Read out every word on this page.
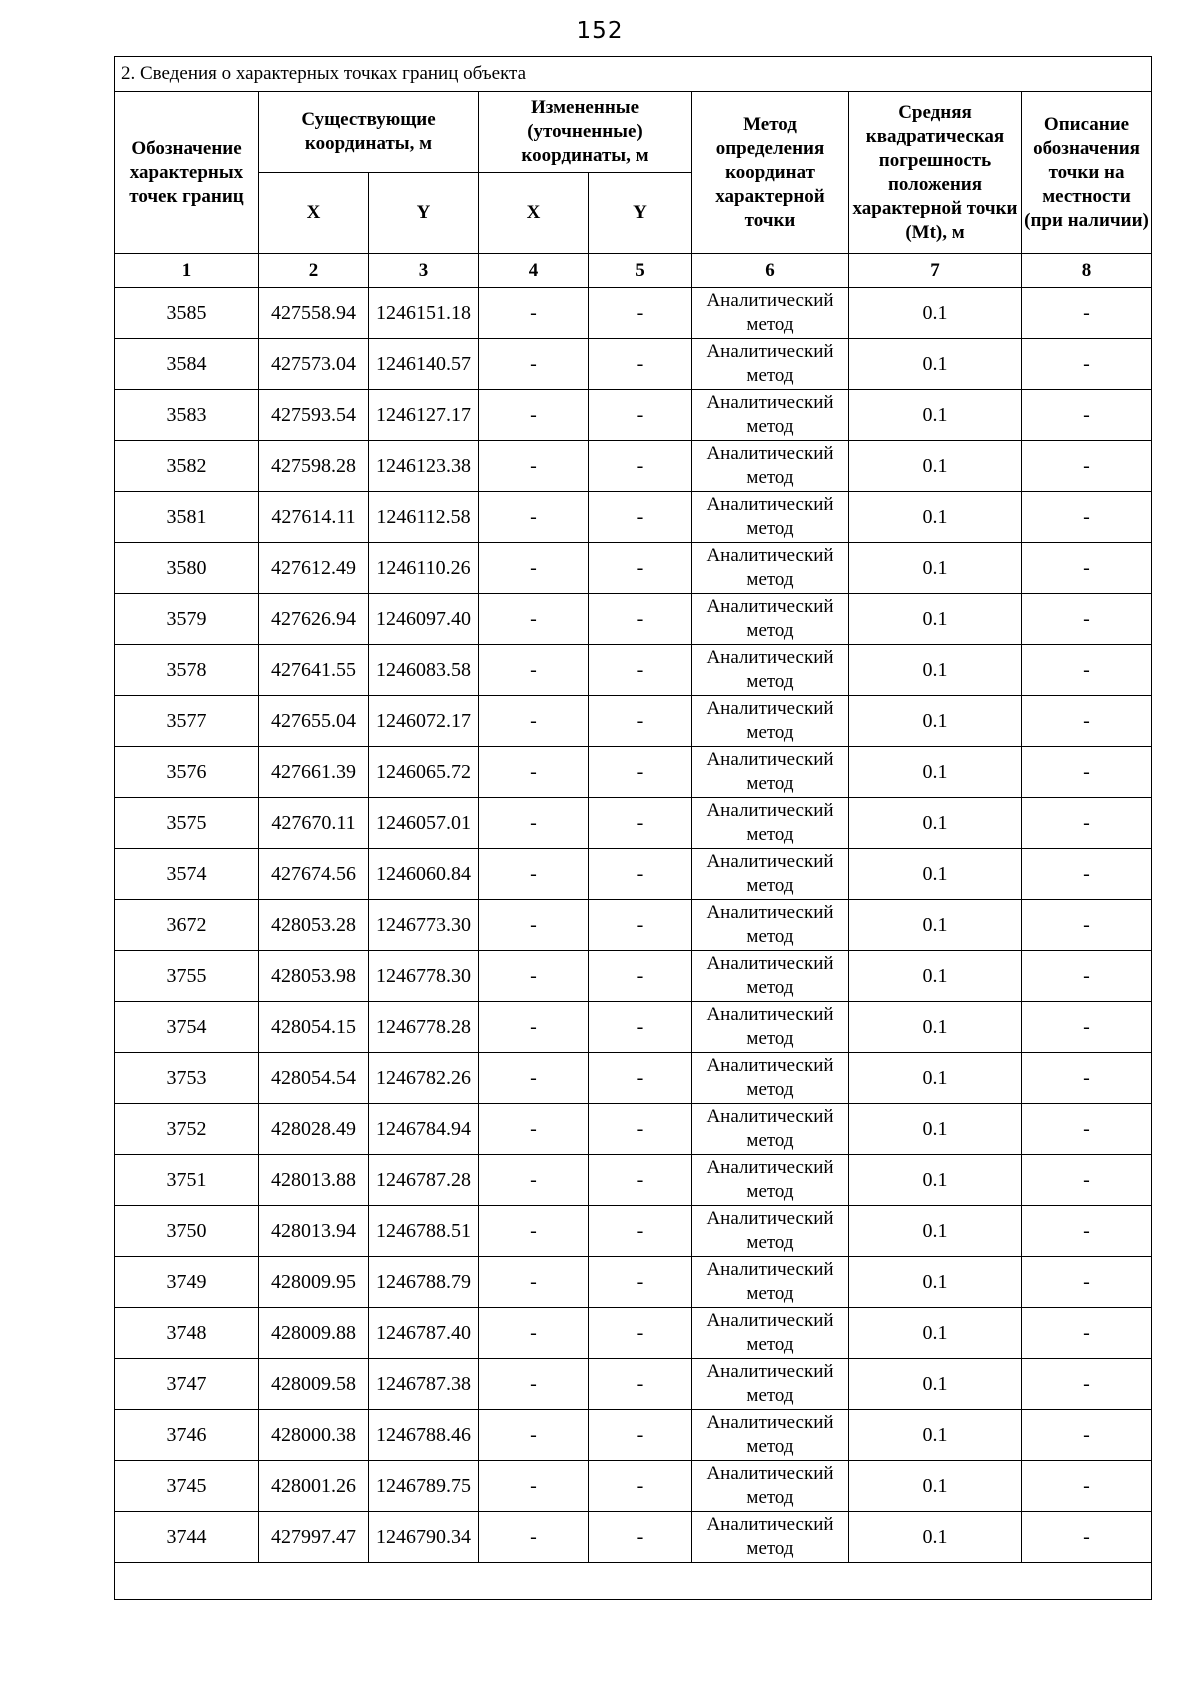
152
2. Сведения о характерных точках границ объекта							
Обозначение характерных точек границ	Существующие координаты, м		Измененные (уточненные) координаты, м		Метод определения координат характерной точки	Средняя квадратическая погрешность положения характерной точки (Mt), м	Описание обозначения точки на местности (при наличии)
	X	Y	X	Y			
1	2	3	4	5	6	7	8
3585	427558.94	1246151.18	-	-	Аналитический
метод	0.1	-
3584	427573.04	1246140.57	-	-	Аналитический
метод	0.1	-
3583	427593.54	1246127.17	-	-	Аналитический
метод	0.1	-
3582	427598.28	1246123.38	-	-	Аналитический
метод	0.1	-
3581	427614.11	1246112.58	-	-	Аналитический
метод	0.1	-
3580	427612.49	1246110.26	-	-	Аналитический
метод	0.1	-
3579	427626.94	1246097.40	-	-	Аналитический
метод	0.1	-
3578	427641.55	1246083.58	-	-	Аналитический
метод	0.1	-
3577	427655.04	1246072.17	-	-	Аналитический
метод	0.1	-
3576	427661.39	1246065.72	-	-	Аналитический
метод	0.1	-
3575	427670.11	1246057.01	-	-	Аналитический
метод	0.1	-
3574	427674.56	1246060.84	-	-	Аналитический
метод	0.1	-
3672	428053.28	1246773.30	-	-	Аналитический
метод	0.1	-
3755	428053.98	1246778.30	-	-	Аналитический
метод	0.1	-
3754	428054.15	1246778.28	-	-	Аналитический
метод	0.1	-
3753	428054.54	1246782.26	-	-	Аналитический
метод	0.1	-
3752	428028.49	1246784.94	-	-	Аналитический
метод	0.1	-
3751	428013.88	1246787.28	-	-	Аналитический
метод	0.1	-
3750	428013.94	1246788.51	-	-	Аналитический
метод	0.1	-
3749	428009.95	1246788.79	-	-	Аналитический
метод	0.1	-
3748	428009.88	1246787.40	-	-	Аналитический
метод	0.1	-
3747	428009.58	1246787.38	-	-	Аналитический
метод	0.1	-
3746	428000.38	1246788.46	-	-	Аналитический
метод	0.1	-
3745	428001.26	1246789.75	-	-	Аналитический
метод	0.1	-
3744	427997.47	1246790.34	-	-	Аналитический
метод	0.1	-
